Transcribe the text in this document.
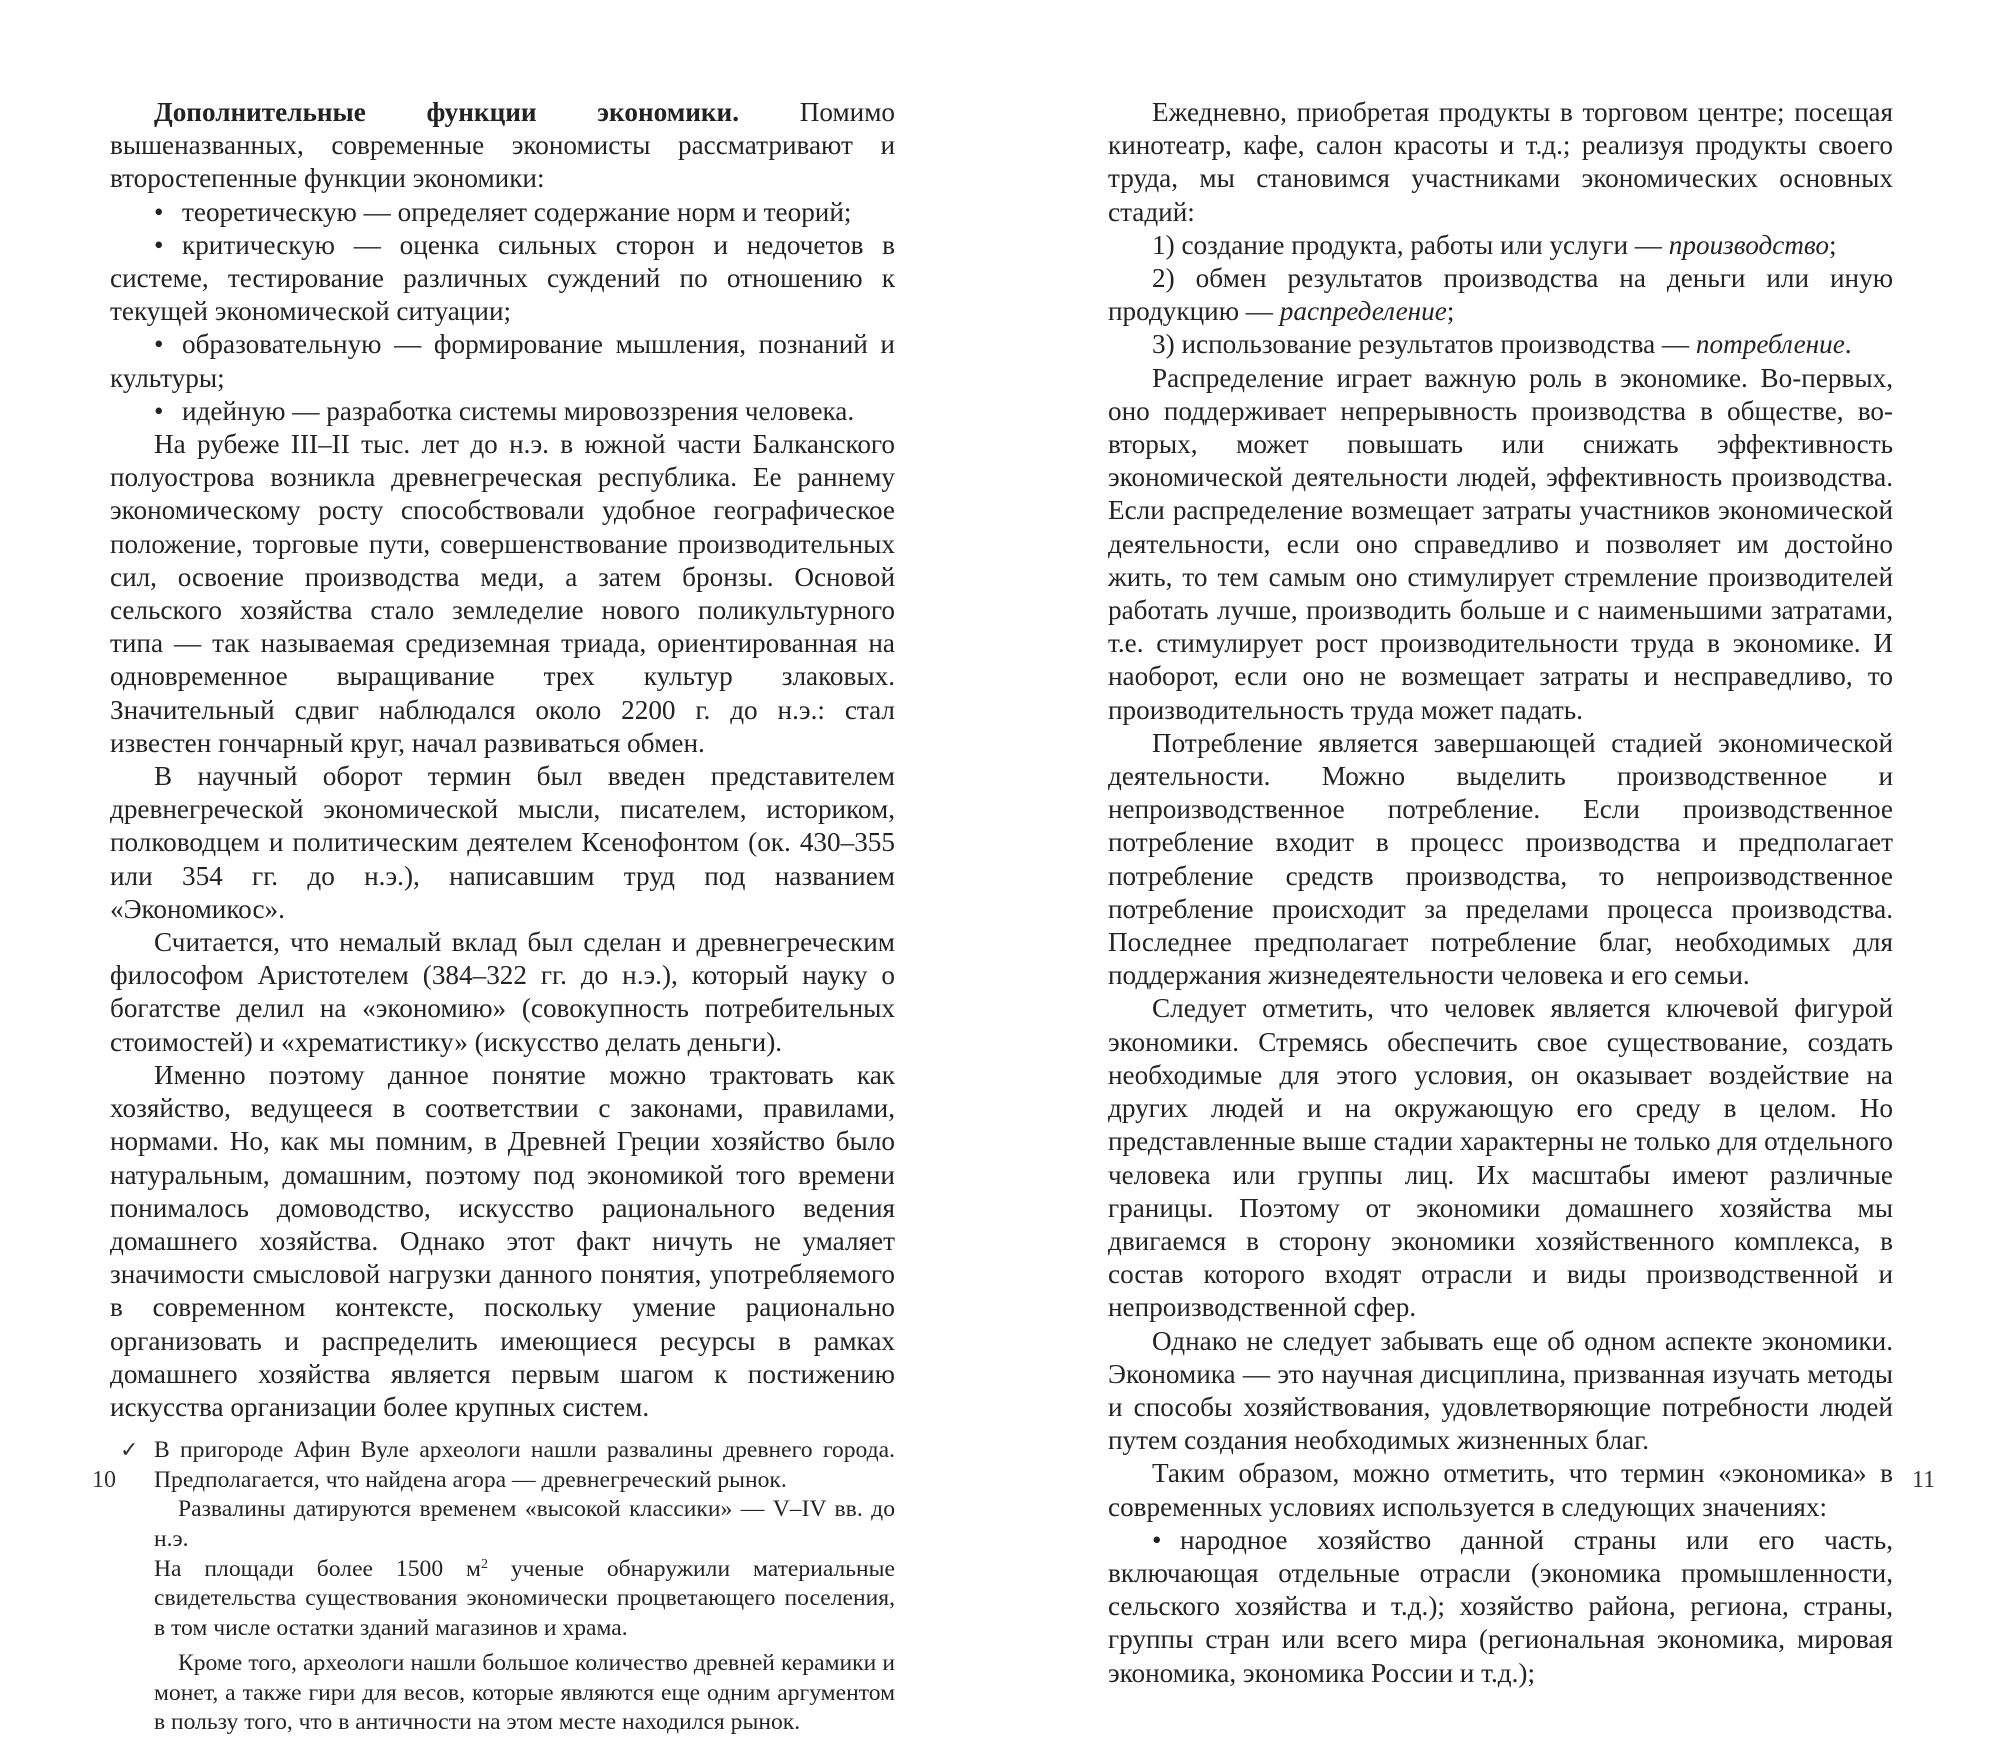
Дополнительные функции экономики. Помимо вышеназванных, современные экономисты рассматривают и второстепенные функции экономики:

• теоретическую — определяет содержание норм и теорий;
• критическую — оценка сильных сторон и недочетов в системе, тестирование различных суждений по отношению к текущей экономической ситуации;
• образовательную — формирование мышления, познаний и культуры;
• идейную — разработка системы мировоззрения человека.

На рубеже III–II тыс. лет до н.э. в южной части Балканского полуострова возникла древнегреческая республика. Ее раннему экономическому росту способствовали удобное географическое положение, торговые пути, совершенствование производительных сил, освоение производства меди, а затем бронзы. Основой сельского хозяйства стало земледелие нового поликультурного типа — так называемая средиземная триада, ориентированная на одновременное выращивание трех культур злаковых. Значительный сдвиг наблюдался около 2200 г. до н.э.: стал известен гончарный круг, начал развиваться обмен.

В научный оборот термин был введен представителем древнегреческой экономической мысли, писателем, историком, полководцем и политическим деятелем Ксенофонтом (ок. 430–355 или 354 гг. до н.э.), написавшим труд под названием «Экономикос».

Считается, что немалый вклад был сделан и древнегреческим философом Аристотелем (384–322 гг. до н.э.), который науку о богатстве делил на «экономию» (совокупность потребительных стоимостей) и «хрематистику» (искусство делать деньги).

Именно поэтому данное понятие можно трактовать как хозяйство, ведущееся в соответствии с законами, правилами, нормами. Но, как мы помним, в Древней Греции хозяйство было натуральным, домашним, поэтому под экономикой того времени понималось домоводство, искусство рационального ведения домашнего хозяйства. Однако этот факт ничуть не умаляет значимости смысловой нагрузки данного понятия, употребляемого в современном контексте, поскольку умение рационально организовать и распределить имеющиеся ресурсы в рамках домашнего хозяйства является первым шагом к постижению искусства организации более крупных систем.

✓ В пригороде Афин Вуле археологи нашли развалины древнего города. Предполагается, что найдена агора — древнегреческий рынок.

Развалины датируются временем «высокой классики» — V–IV вв. до н.э.

На площади более 1500 $м^2$ ученые обнаружили материальные свидетельства существования экономически процветающего поселения, в том числе остатки зданий магазинов и храма.

Кроме того, археологи нашли большое количество древней керамики и монет, а также гири для весов, которые являются еще одним аргументом в пользу того, что в античности на этом месте находился рынок.

10

Ежедневно, приобретая продукты в торговом центре; посещая кинотеатр, кафе, салон красоты и т.д.; реализуя продукты своего труда, мы становимся участниками экономических основных стадий:

1) создание продукта, работы или услуги — производство;
2) обмен результатов производства на деньги или иную продукцию — распределение;
3) использование результатов производства — потребление.

Распределение играет важную роль в экономике. Во-первых, оно поддерживает непрерывность производства в обществе, во-вторых, может повышать или снижать эффективность экономической деятельности людей, эффективность производства. Если распределение возмещает затраты участников экономической деятельности, если оно справедливо и позволяет им достойно жить, то тем самым оно стимулирует стремление производителей работать лучше, производить больше и с наименьшими затратами, т.е. стимулирует рост производительности труда в экономике. И наоборот, если оно не возмещает затраты и несправедливо, то производительность труда может падать.

Потребление является завершающей стадией экономической деятельности. Можно выделить производственное и непроизводственное потребление. Если производственное потребление входит в процесс производства и предполагает потребление средств производства, то непроизводственное потребление происходит за пределами процесса производства. Последнее предполагает потребление благ, необходимых для поддержания жизнедеятельности человека и его семьи.

Следует отметить, что человек является ключевой фигурой экономики. Стремясь обеспечить свое существование, создать необходимые для этого условия, он оказывает воздействие на других людей и на окружающую его среду в целом. Но представленные выше стадии характерны не только для отдельного человека или группы лиц. Их масштабы имеют различные границы. Поэтому от экономики домашнего хозяйства мы двигаемся в сторону экономики хозяйственного комплекса, в состав которого входят отрасли и виды производственной и непроизводственной сфер.

Однако не следует забывать еще об одном аспекте экономики. Экономика — это научная дисциплина, призванная изучать методы и способы хозяйствования, удовлетворяющие потребности людей путем создания необходимых жизненных благ.

Таким образом, можно отметить, что термин «экономика» в современных условиях используется в следующих значениях:

• народное хозяйство данной страны или его часть, включающая отдельные отрасли (экономика промышленности, сельского хозяйства и т.д.); хозяйство района, региона, страны, группы стран или всего мира (региональная экономика, мировая экономика, экономика России и т.д.);
11
